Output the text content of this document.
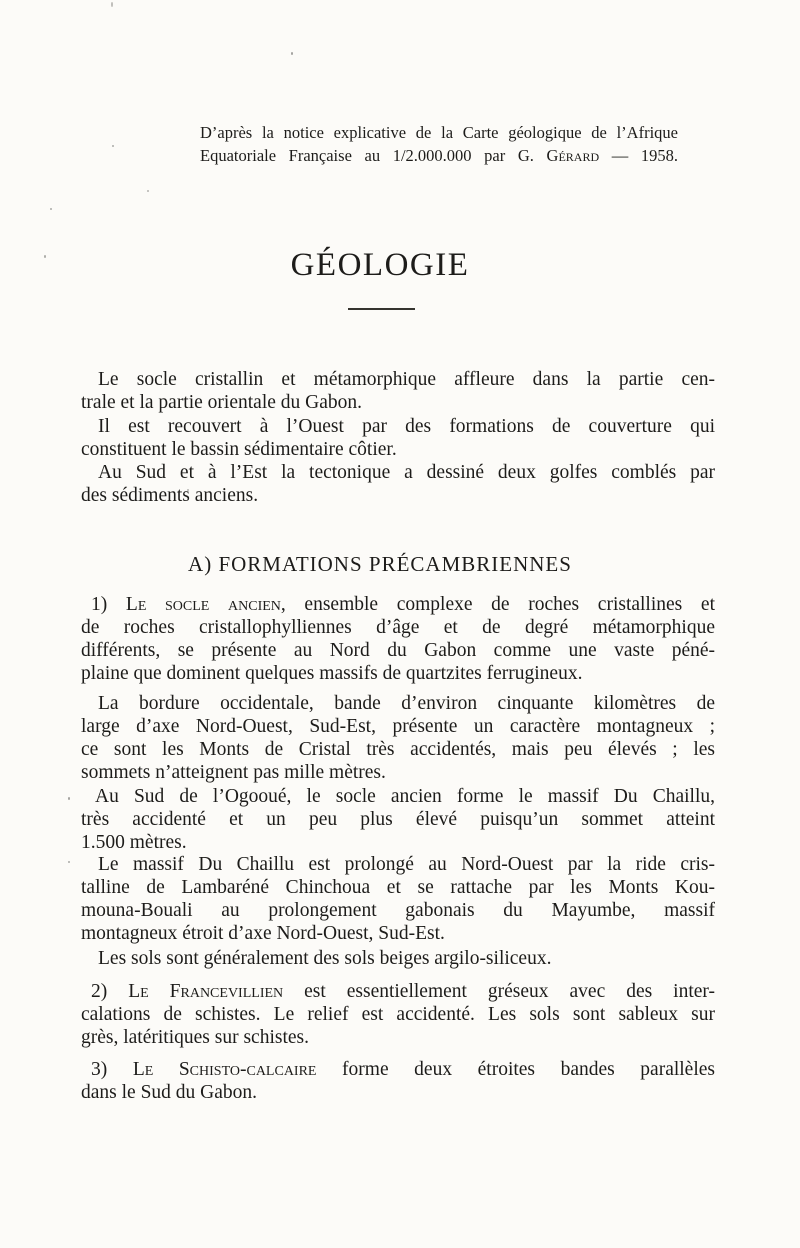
D’après la notice explicative de la Carte géologique de l’Afrique
Equatoriale Française au 1/2.000.000 par G. Gérard — 1958.
GÉOLOGIE
Le socle cristallin et métamorphique affleure dans la partie cen-
trale et la partie orientale du Gabon.
Il est recouvert à l’Ouest par des formations de couverture qui
constituent le bassin sédimentaire côtier.
Au Sud et à l’Est la tectonique a dessiné deux golfes comblés par
des sédiments anciens.
A) FORMATIONS PRÉCAMBRIENNES
1) Le socle ancien, ensemble complexe de roches cristallines et
de roches cristallophylliennes d’âge et de degré métamorphique
différents, se présente au Nord du Gabon comme une vaste péné-
plaine que dominent quelques massifs de quartzites ferrugineux.
La bordure occidentale, bande d’environ cinquante kilomètres de
large d’axe Nord-Ouest, Sud-Est, présente un caractère montagneux ;
ce sont les Monts de Cristal très accidentés, mais peu élevés ; les
sommets n’atteignent pas mille mètres.
Au Sud de l’Ogooué, le socle ancien forme le massif Du Chaillu,
très accidenté et un peu plus élevé puisqu’un sommet atteint
1.500 mètres.
Le massif Du Chaillu est prolongé au Nord-Ouest par la ride cris-
talline de Lambaréné Chinchoua et se rattache par les Monts Kou-
mouna-Bouali au prolongement gabonais du Mayumbe, massif
montagneux étroit d’axe Nord-Ouest, Sud-Est.
Les sols sont généralement des sols beiges argilo-siliceux.
2) Le Francevillien est essentiellement gréseux avec des inter-
calations de schistes. Le relief est accidenté. Les sols sont sableux sur
grès, latéritiques sur schistes.
3) Le Schisto-calcaire forme deux étroites bandes parallèles
dans le Sud du Gabon.
